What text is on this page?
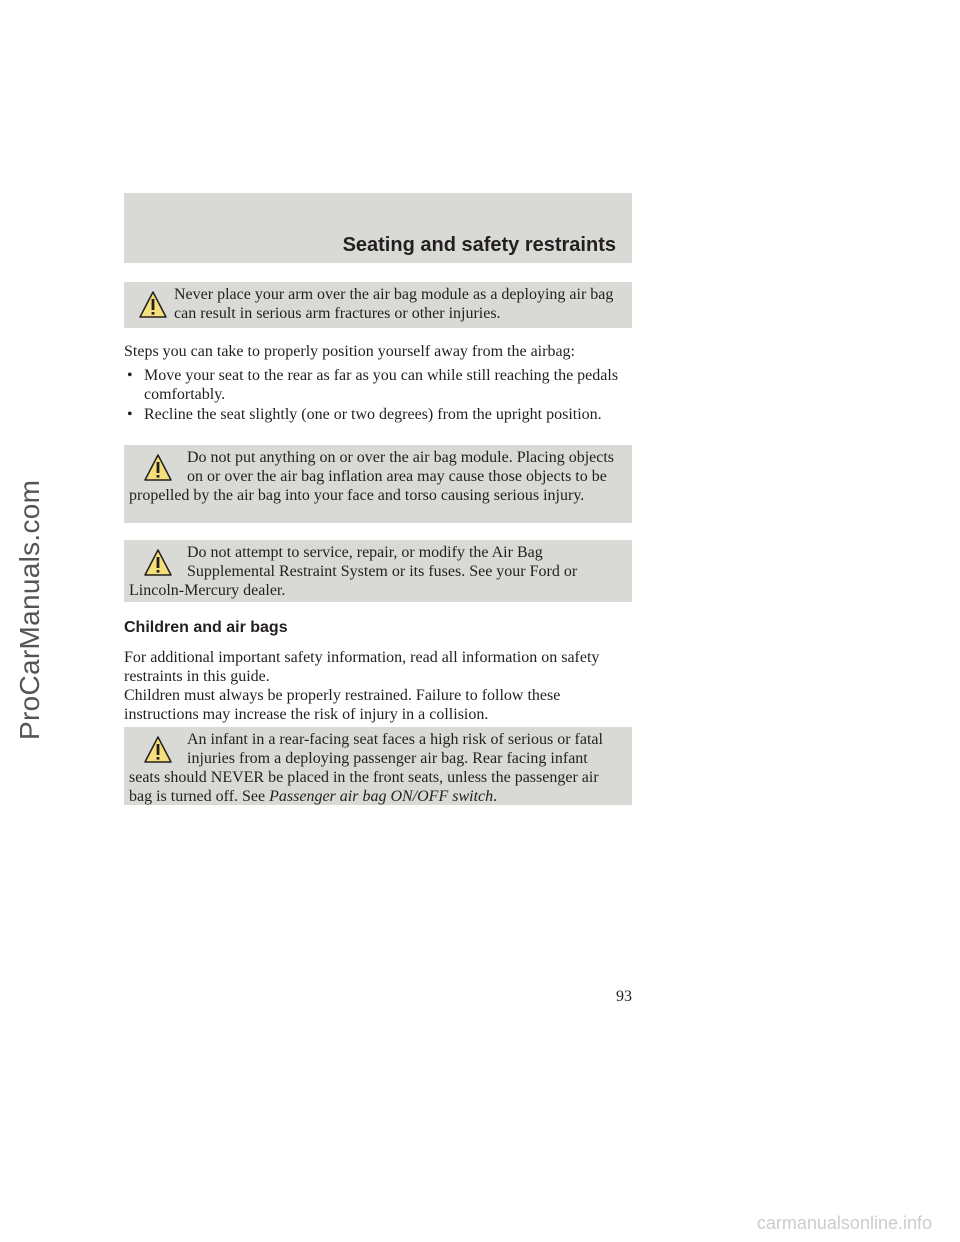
ProCarManuals.com
Seating and safety restraints

Never place your arm over the air bag module as a deploying air bag can result in serious arm fractures or other injuries.

Steps you can take to properly position yourself away from the airbag:

• Move your seat to the rear as far as you can while still reaching the pedals comfortably.
• Recline the seat slightly (one or two degrees) from the upright position.

Do not put anything on or over the air bag module. Placing objects on or over the air bag inflation area may cause those objects to be propelled by the air bag into your face and torso causing serious injury.

Do not attempt to service, repair, or modify the Air Bag Supplemental Restraint System or its fuses. See your Ford or Lincoln-Mercury dealer.

Children and air bags

For additional important safety information, read all information on safety restraints in this guide.

Children must always be properly restrained. Failure to follow these instructions may increase the risk of injury in a collision.

An infant in a rear-facing seat faces a high risk of serious or fatal injuries from a deploying passenger air bag. Rear facing infant seats should NEVER be placed in the front seats, unless the passenger air bag is turned off. See Passenger air bag ON/OFF switch.

93
carmanualsonline.info
